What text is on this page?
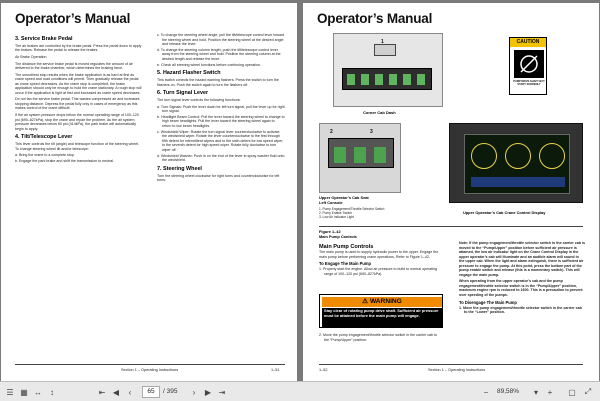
Operator’s Manual
3. Service Brake Pedal
The air brakes are controlled by the brake pedal. Press the pedal down to apply the brakes. Release the pedal to release the brakes.
Air Brake Operation
The distance the service brake pedal is moved regulates the amount of air delivered to the brake chamber, which determines the braking force.
The smoothest stop results when the brake application is as hard at first as crane speed and road conditions will permit. Then gradually release the pedal as crane speed decreases. As the crane stop is completed, the brake application should only be enough to hold the crane stationary. A rough stop will occur if the application is light at first and increased as crane speed decreases.
Do not fan the service brake pedal. This wastes compressed air and increases stopping distance. Depress the pedal fully only in cases of emergency as this makes control of the crane difficult.
If the air system pressure drops below the normal operating range of 100–120 psi (690–827kPa), stop the crane and repair the problem. As the air system pressure decreases below 60 psi (414kPa), the park brake will automatically begin to apply.
4. Tilt/Telescope Lever
This lever controls the tilt (angle) and telescope function of the steering wheel. To change steering wheel tilt and/or telescope:
a. Bring the crane to a complete stop.
b. Engage the park brake and shift the transmission to neutral.
c. To change the steering wheel angle, pull the tilt/telescope control lever toward the steering wheel and hold. Position the steering wheel at the desired angle and release the lever.
d. To change the steering column length, push the tilt/telescope control lever away from the steering wheel and hold. Position the steering column at the desired length and release the lever.
e. Check all steering wheel functions before continuing operation.
5. Hazard Flasher Switch
This switch controls the hazard warning flashers. Press the switch to turn the flashers on. Push the switch again to turn the flashers off.
6. Turn Signal Lever
The turn signal lever controls the following functions:
a. Turn Signals: Push the lever down for left turn signal, pull the lever up for right turn signal.
b. Headlight Beam Control: Pull the lever toward the steering wheel to change to high beam headlights. Pull the lever toward the steering wheel again to return to low beam headlights.
c. Windshield Wiper: Rotate the turn signal lever counterclockwise to activate the windshield wiper. Rotate the lever counterclockwise to the first through fifth detent for intermittent wipers and to the sixth detent for low speed wiper, to the seventh detent for high speed wiper. Rotate fully clockwise to turn wiper off.
d. Windshield Washer: Push in on the end of the lever to spray washer fluid onto the windshield.
7. Steering Wheel
Turn the steering wheel clockwise for right turns and counterclockwise for left turns.
Section 1 – Operating Instructions	1–51
Operator’s Manual
1
Corner Cab Dash
CAUTION
PUMP DRIVE SHAFT BUT START SUDDENLY
2	3
Upper Operator’s Cab Seat
Left Console
1. Pump Engagement/Throttle Selector Switch
2. Pump Enable Switch
3. Low Air Indicator Light
Upper Operator’s Cab Crane Control Display
Figure 1–42
Main Pump Controls
Main Pump Controls
The main pump is used to supply hydraulic power to the upper. Engage the main pump before performing crane operations. Refer to Figure 1–42.
To Engage The Main Pump
1. Properly start the engine. Allow air pressure to build to normal operating range of 100–120 psi (690–827kPa).
⚠ WARNING
Stay clear of rotating pump drive shaft. Sufficient air pressure must be attained before the main pump will engage.
2. Move the pump engagement/throttle selector switch in the carrier cab to the “Pump/Upper” position.
Note: If the pump engagement/throttle selector switch in the carrier cab is moved to the “Pump/Upper” position before sufficient air pressure is attained, the low air indicator light on the Crane Control Display in the upper operator’s cab will illuminate and an audible alarm will sound in the upper cab. When the light and alarm extinguish, there is sufficient air pressure to engage the pump. At this point, press the bottom part of the pump enable switch and release (this is a momentary switch). This will engage the main pump.
When operating from the upper operator’s cab and the pump engagement/throttle selector switch is in the “Pump/Upper” position, maximum engine rpm is reduced to 1600. This is a precaution to prevent over speeding of the pumps.
To Disengage The Main Pump
1. Move the pump engagement/throttle selector switch in the carrier cab to the “Lower” position.
1–52	Section 1 – Operating Instructions
☰ ▦ ↔	↕	⇤ ◀	‹	65	/ 395	›	▶ ⇥	−	89,58%	▾	+	▢	⤢
